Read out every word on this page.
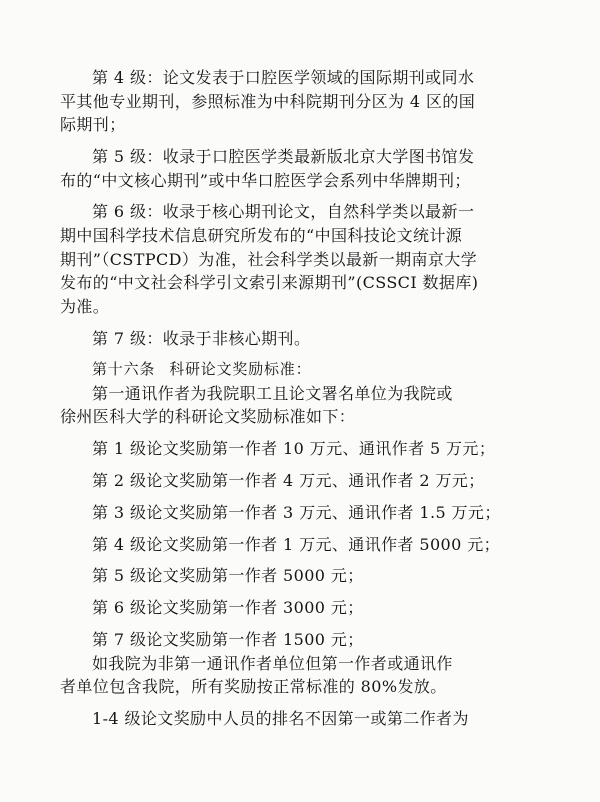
第 4 级：论文发表于口腔医学领域的国际期刊或同水
平其他专业期刊，参照标准为中科院期刊分区为 4 区的国
际期刊；
第 5 级：收录于口腔医学类最新版北京大学图书馆发
布的“中文核心期刊”或中华口腔医学会系列中华牌期刊；
第 6 级：收录于核心期刊论文，自然科学类以最新一
期中国科学技术信息研究所发布的“中国科技论文统计源
期刊”（CSTPCD）为准，社会科学类以最新一期南京大学
发布的“中文社会科学引文索引来源期刊”(CSSCI 数据库)
为准。
第 7 级：收录于非核心期刊。
第十六条 科研论文奖励标准：
第一通讯作者为我院职工且论文署名单位为我院或
徐州医科大学的科研论文奖励标准如下：
第 1 级论文奖励第一作者 10 万元、通讯作者 5 万元；
第 2 级论文奖励第一作者 4 万元、通讯作者 2 万元；
第 3 级论文奖励第一作者 3 万元、通讯作者 1.5 万元；
第 4 级论文奖励第一作者 1 万元、通讯作者 5000 元；
第 5 级论文奖励第一作者 5000 元；
第 6 级论文奖励第一作者 3000 元；
第 7 级论文奖励第一作者 1500 元；
如我院为非第一通讯作者单位但第一作者或通讯作
者单位包含我院，所有奖励按正常标准的 80%发放。
1-4 级论文奖励中人员的排名不因第一或第二作者为
